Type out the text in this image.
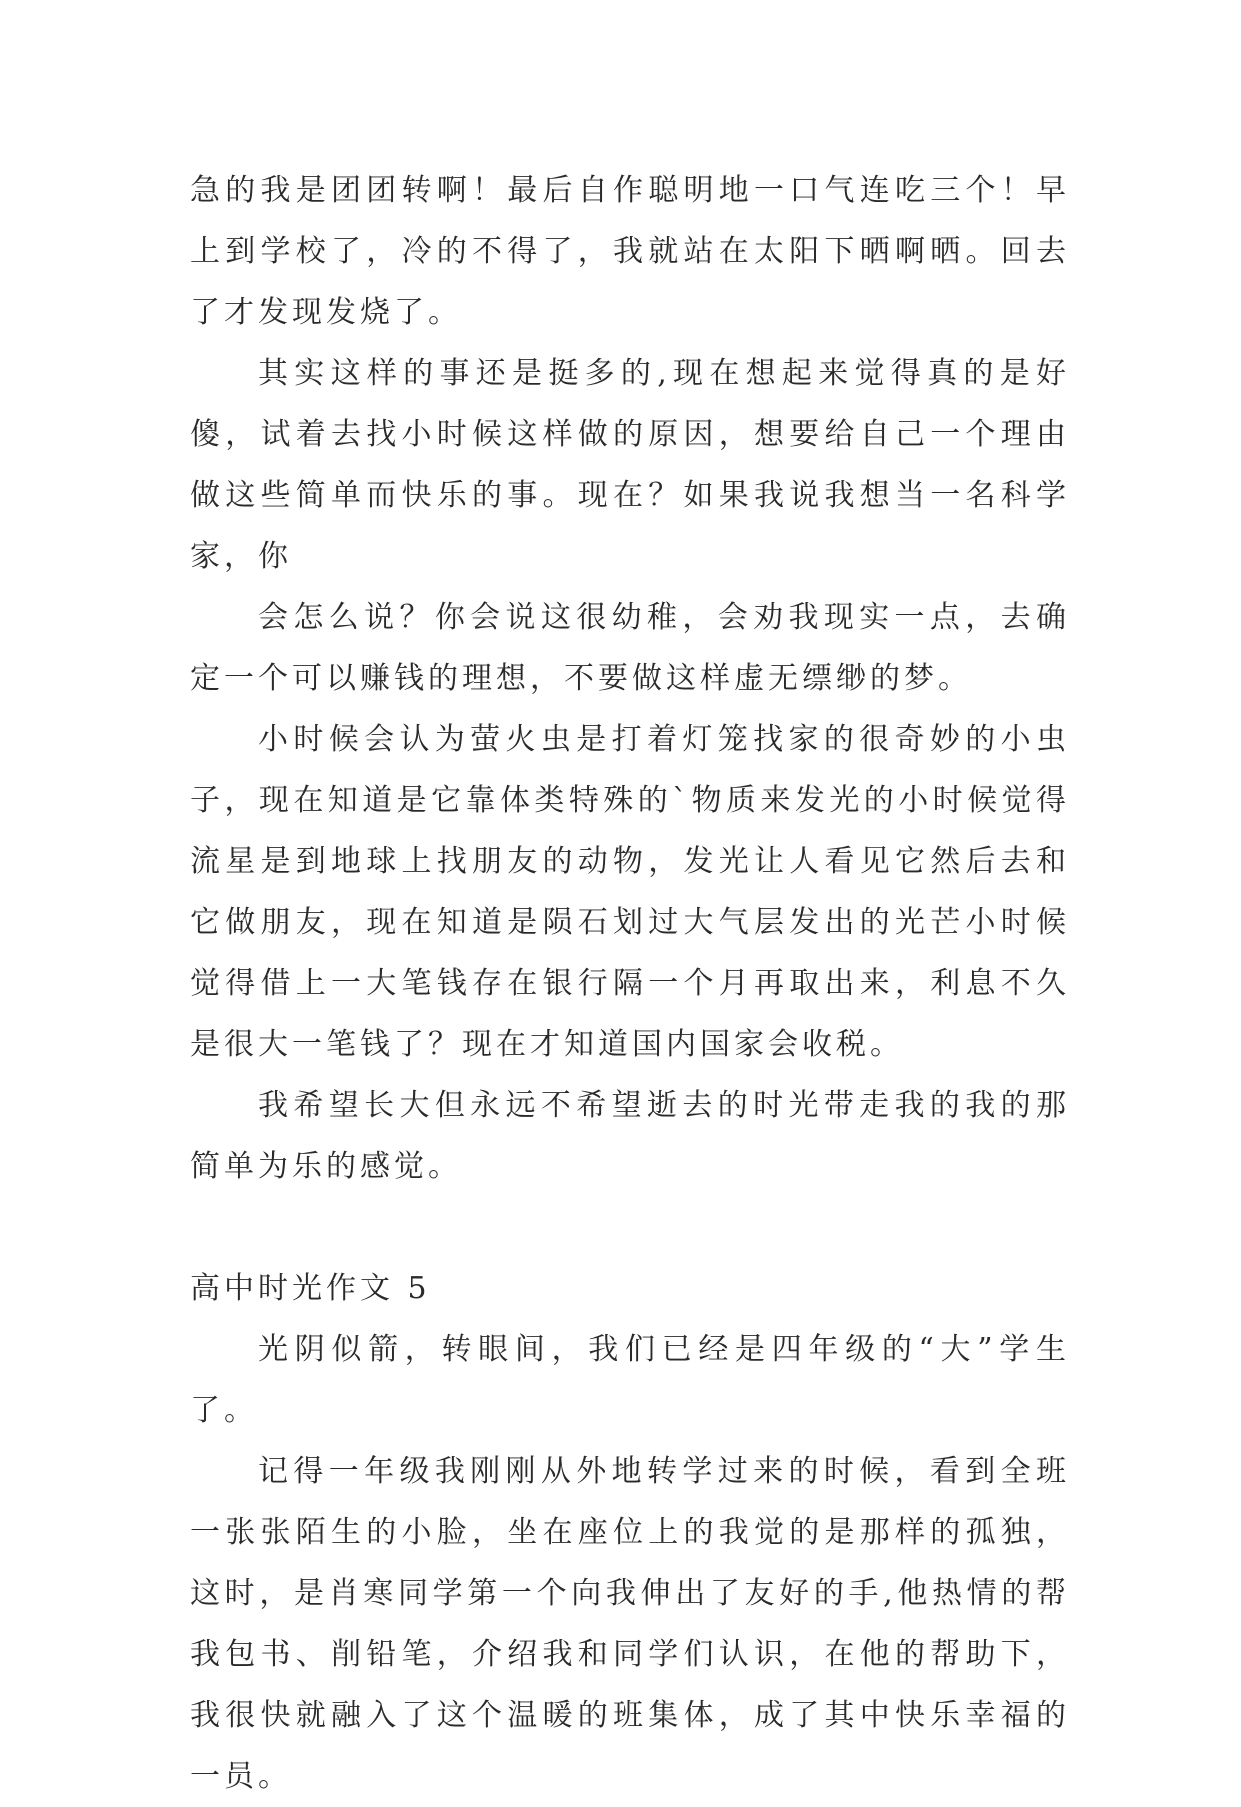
急的我是团团转啊！最后自作聪明地一口气连吃三个！早上到学校了，冷的不得了，我就站在太阳下晒啊晒。回去了才发现发烧了。

其实这样的事还是挺多的,现在想起来觉得真的是好傻，试着去找小时候这样做的原因，想要给自己一个理由做这些简单而快乐的事。现在？如果我说我想当一名科学家，你

会怎么说？你会说这很幼稚，会劝我现实一点，去确定一个可以赚钱的理想，不要做这样虚无缥缈的梦。

小时候会认为萤火虫是打着灯笼找家的很奇妙的小虫子，现在知道是它靠体类特殊的`物质来发光的小时候觉得流星是到地球上找朋友的动物，发光让人看见它然后去和它做朋友，现在知道是陨石划过大气层发出的光芒小时候觉得借上一大笔钱存在银行隔一个月再取出来，利息不久是很大一笔钱了？现在才知道国内国家会收税。

我希望长大但永远不希望逝去的时光带走我的我的那简单为乐的感觉。

高中时光作文 5

光阴似箭，转眼间，我们已经是四年级的“大”学生了。

记得一年级我刚刚从外地转学过来的时候，看到全班一张张陌生的小脸，坐在座位上的我觉的是那样的孤独，这时，是肖寒同学第一个向我伸出了友好的手,他热情的帮我包书、削铅笔，介绍我和同学们认识，在他的帮助下，我很快就融入了这个温暖的班集体，成了其中快乐幸福的一员。
